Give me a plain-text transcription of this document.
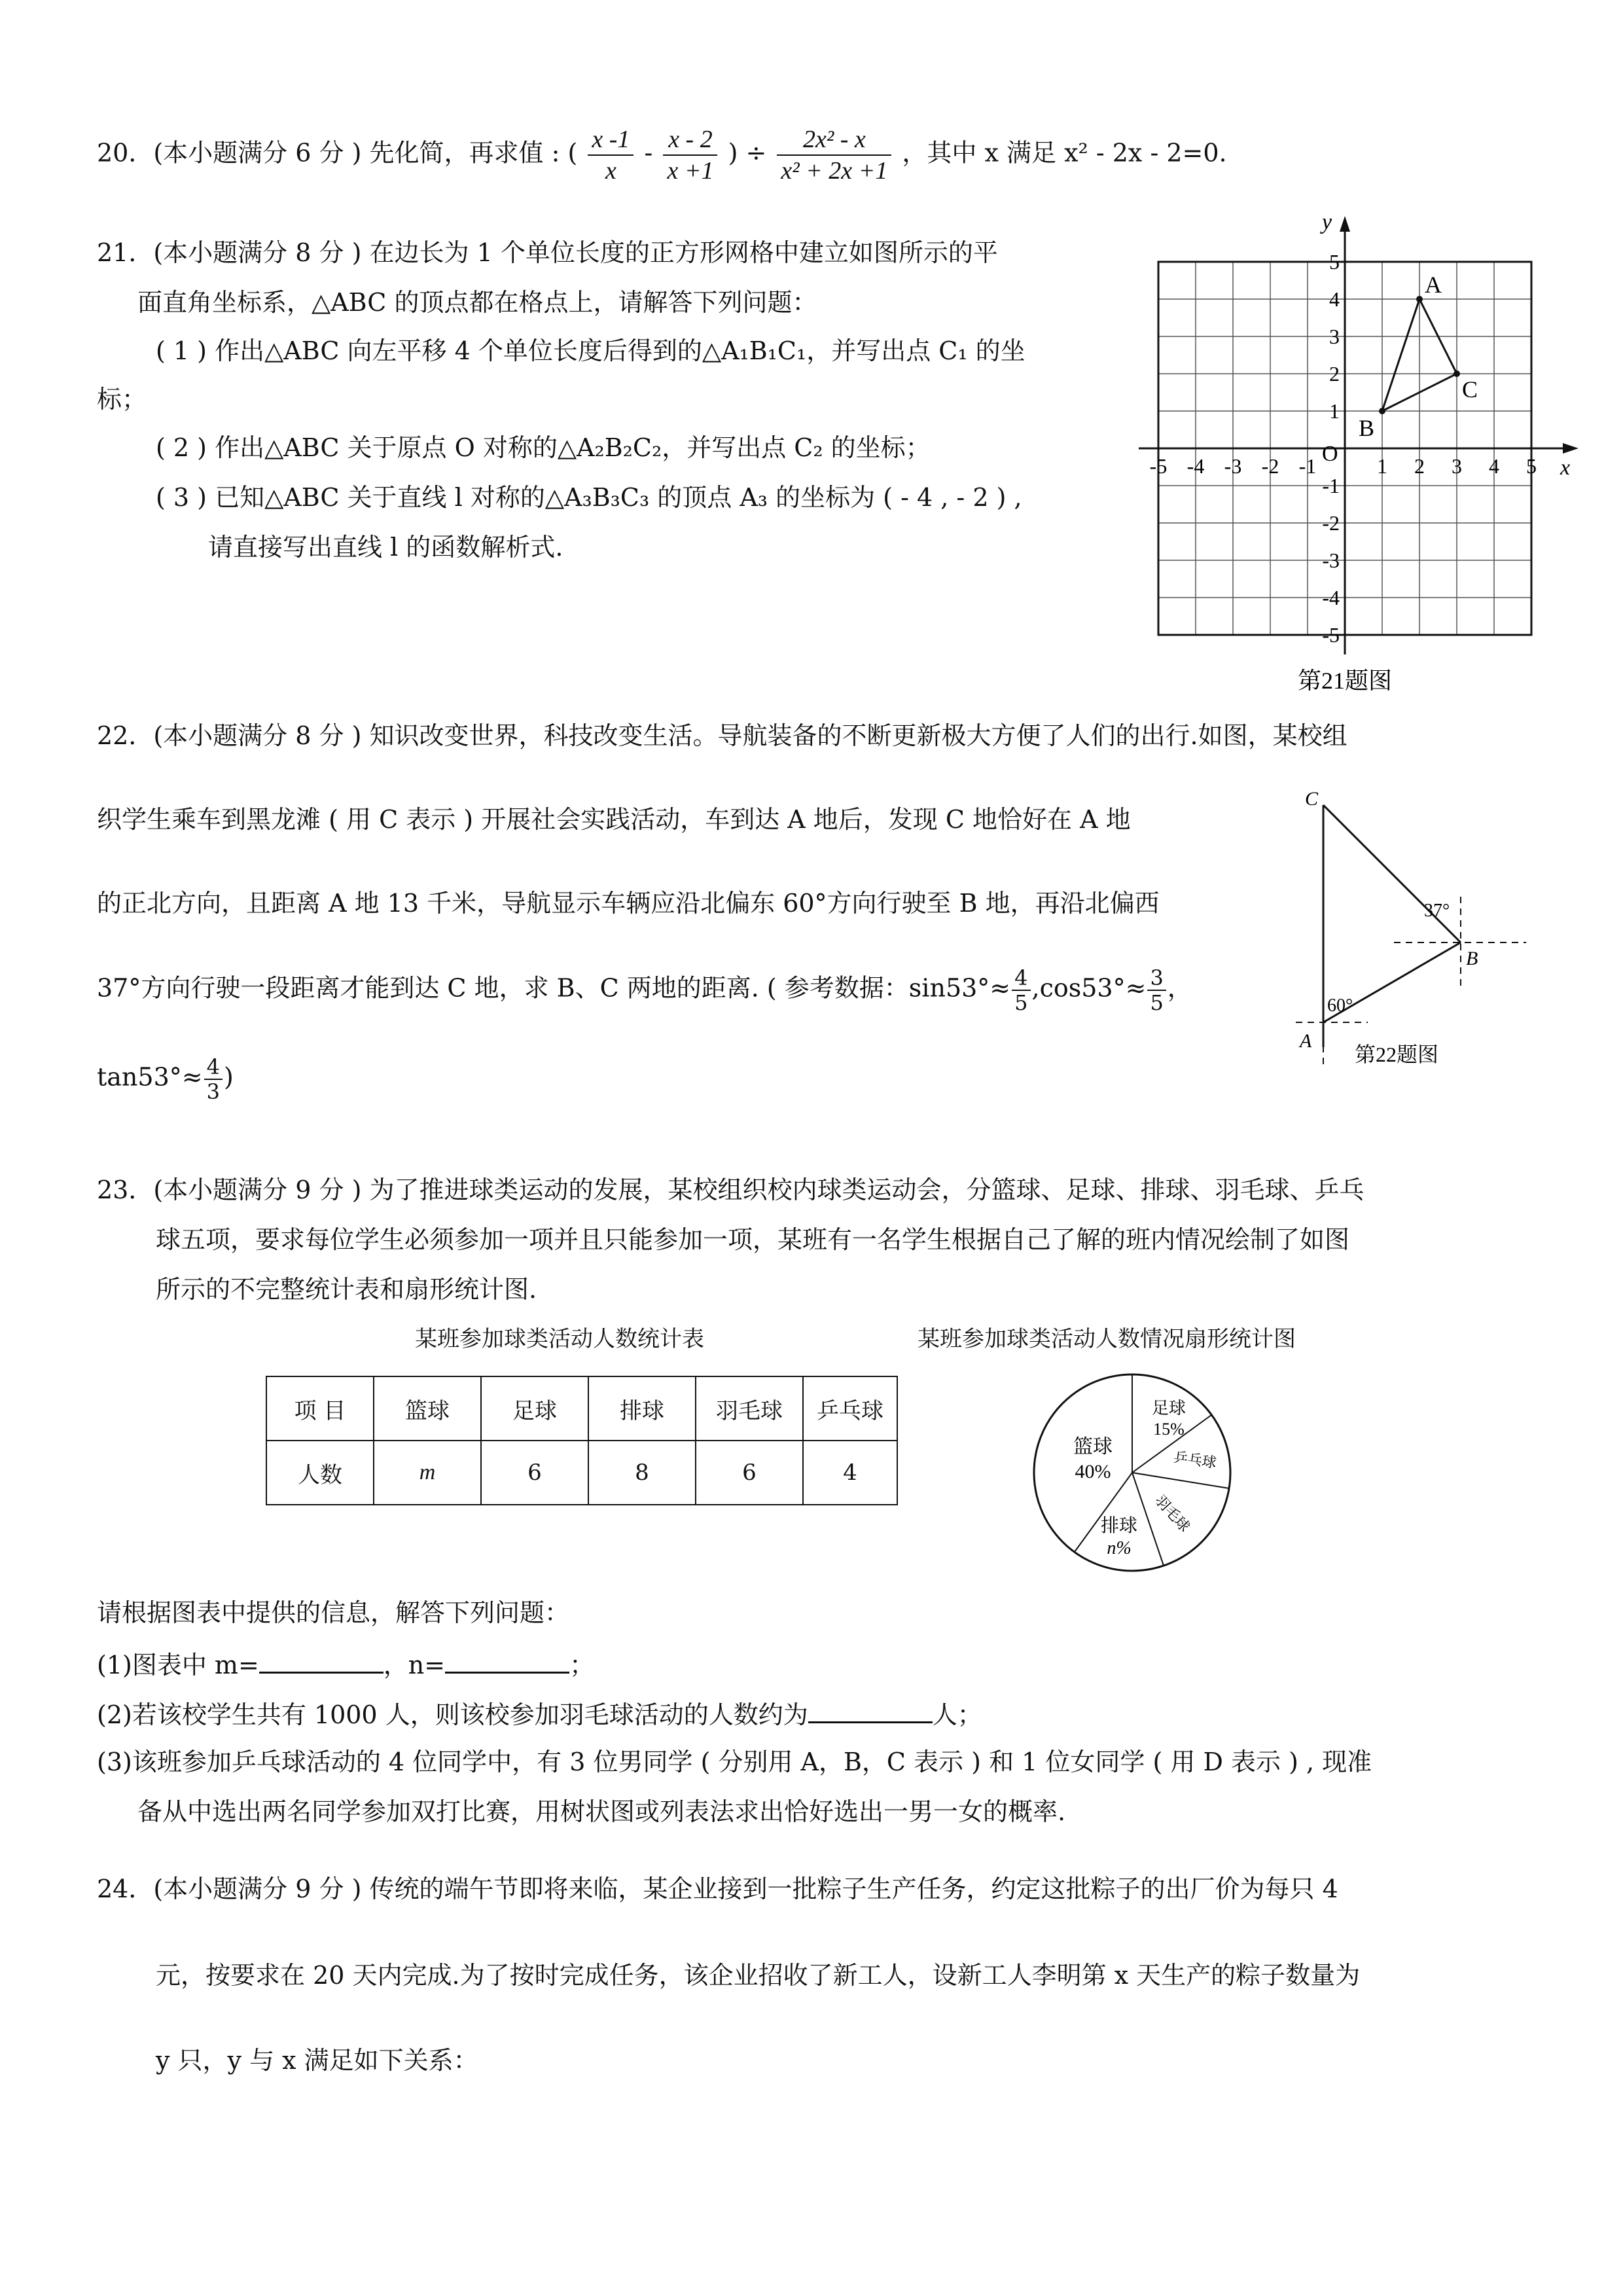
20．(本小题满分 6 分 ) 先化简，再求值 : ( $\frac{x -1}{x} - \frac{x - 2}{x +1}$ ) ÷ $\frac{\text{2x² - x}}{\text{x² + 2x +1}}$ ，其中 x 满足 x² - 2x - 2=0.
21．(本小题满分 8 分 ) 在边长为 1 个单位长度的正方形网格中建立如图所示的平
面直角坐标系，△ABC 的顶点都在格点上，请解答下列问题：
( 1 ) 作出△ABC 向左平移 4 个单位长度后得到的△A₁B₁C₁，并写出点 C₁ 的坐
标；
( 2 ) 作出△ABC 关于原点 O 对称的△A₂B₂C₂，并写出点 C₂ 的坐标；
( 3 ) 已知△ABC 关于直线 l 对称的△A₃B₃C₃ 的顶点 A₃ 的坐标为 ( - 4 , - 2 ) ,
请直接写出直线 l 的函数解析式.
y
x
O
-5 -4 -3 -2 -1	1 2 3 4 5
5
4
3
2
1
-1
-2
-3
-4
-5
A
B
C
第21题图
22．(本小题满分 8 分 ) 知识改变世界，科技改变生活。导航装备的不断更新极大方便了人们的出行.如图，某校组
织学生乘车到黑龙滩 ( 用 C 表示 ) 开展社会实践活动，车到达 A 地后，发现 C 地恰好在 A 地
的正北方向，且距离 A 地 13 千米，导航显示车辆应沿北偏东 60°方向行驶至 B 地，再沿北偏西
37°方向行驶一段距离才能到达 C 地，求 B、C 两地的距离. ( 参考数据：$\sin 53^\circ\approx \frac{4}{5} ,\cos 53^\circ\approx \frac{3}{5}$ ，
$\tan 53^\circ\approx \frac{4}{3}$ )
C
A
B
37°
60°
第22题图
23．(本小题满分 9 分 ) 为了推进球类运动的发展，某校组织校内球类运动会，分篮球、足球、排球、羽毛球、乒乓
球五项，要求每位学生必须参加一项并且只能参加一项，某班有一名学生根据自己了解的班内情况绘制了如图
所示的不完整统计表和扇形统计图.
某班参加球类活动人数统计表	某班参加球类活动人数情况扇形统计图
项 目	篮球	足球	排球	羽毛球	乒乓球
人数	m	6	8	6	4
篮球
40%
足球
15%
乒乓球
羽毛球
排球
n%
请根据图表中提供的信息，解答下列问题：
(1)图表中 m=	，n=	；
(2)若该校学生共有 1000 人，则该校参加羽毛球活动的人数约为	人；
(3)该班参加乒乓球活动的 4 位同学中，有 3 位男同学 ( 分别用 A，B，C 表示 ) 和 1 位女同学 ( 用 D 表示 ) , 现准
备从中选出两名同学参加双打比赛，用树状图或列表法求出恰好选出一男一女的概率.
24．(本小题满分 9 分 ) 传统的端午节即将来临，某企业接到一批粽子生产任务，约定这批粽子的出厂价为每只 4
元，按要求在 20 天内完成.为了按时完成任务，该企业招收了新工人，设新工人李明第 x 天生产的粽子数量为
y 只，y 与 x 满足如下关系：
